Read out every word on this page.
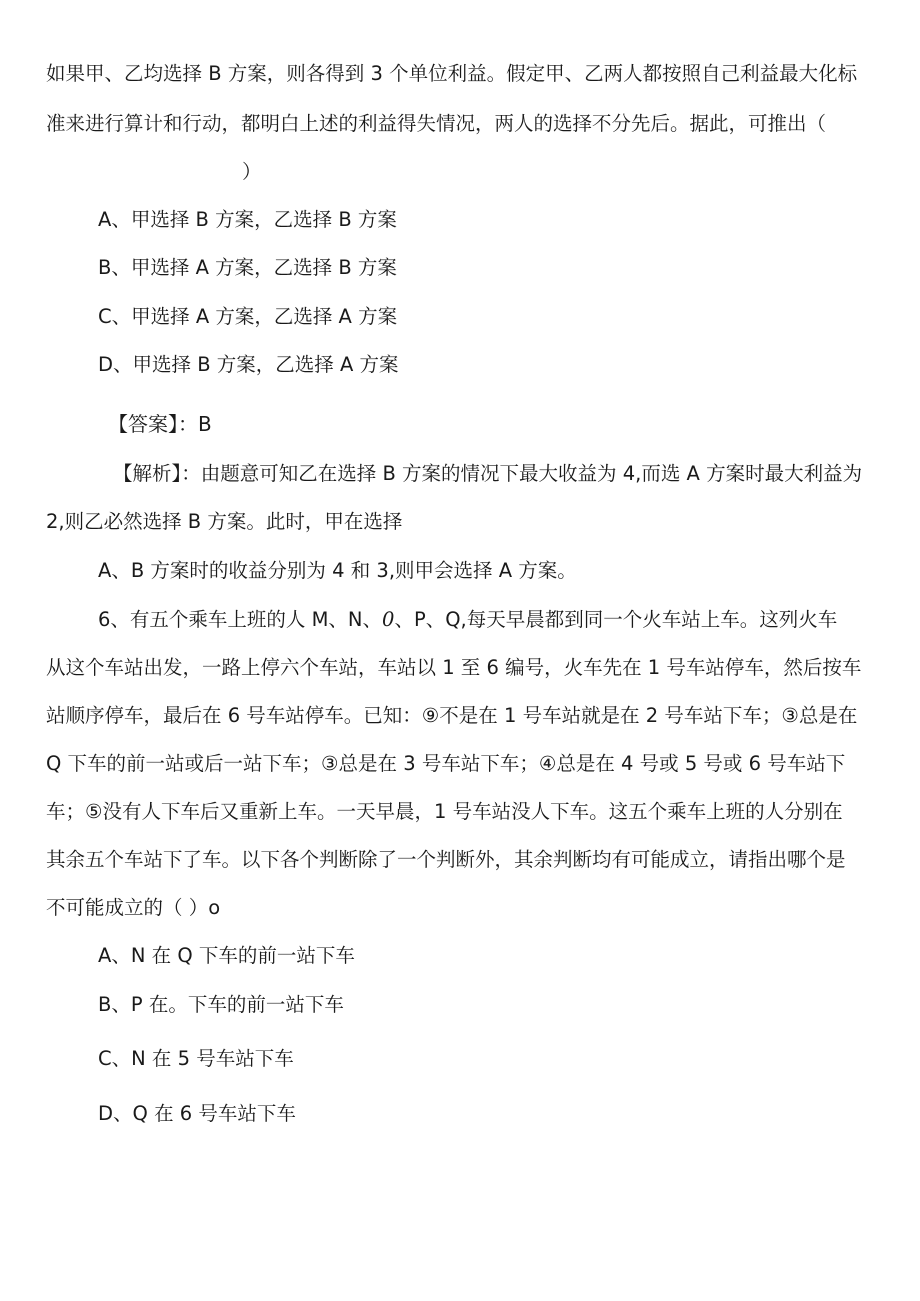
如果甲、乙均选择 B 方案，则各得到 3 个单位利益。假定甲、乙两人都按照自己利益最大化标
准来进行算计和行动，都明白上述的利益得失情况，两人的选择不分先后。据此，可推出（
）
A、甲选择 B 方案，乙选择 B 方案
B、甲选择 A 方案，乙选择 B 方案
C、甲选择 A 方案，乙选择 A 方案
D、甲选择 B 方案，乙选择 A 方案
【答案】：B
【解析】：由题意可知乙在选择 B 方案的情况下最大收益为 4,而选 A 方案时最大利益为
2,则乙必然选择 B 方案。此时，甲在选择
A、B 方案时的收益分别为 4 和 3,则甲会选择 A 方案。
6、有五个乘车上班的人 M、N、0、P、Q,每天早晨都到同一个火车站上车。这列火车
从这个车站出发，一路上停六个车站，车站以 1 至 6 编号，火车先在 1 号车站停车，然后按车
站顺序停车，最后在 6 号车站停车。已知：⑨不是在 1 号车站就是在 2 号车站下车；③总是在
Q 下车的前一站或后一站下车；③总是在 3 号车站下车；④总是在 4 号或 5 号或 6 号车站下
车；⑤没有人下车后又重新上车。一天早晨，1 号车站没人下车。这五个乘车上班的人分别在
其余五个车站下了车。以下各个判断除了一个判断外，其余判断均有可能成立，请指出哪个是
不可能成立的（ ）o
A、N 在 Q 下车的前一站下车
B、P 在。下车的前一站下车
C、N 在 5 号车站下车
D、Q 在 6 号车站下车
